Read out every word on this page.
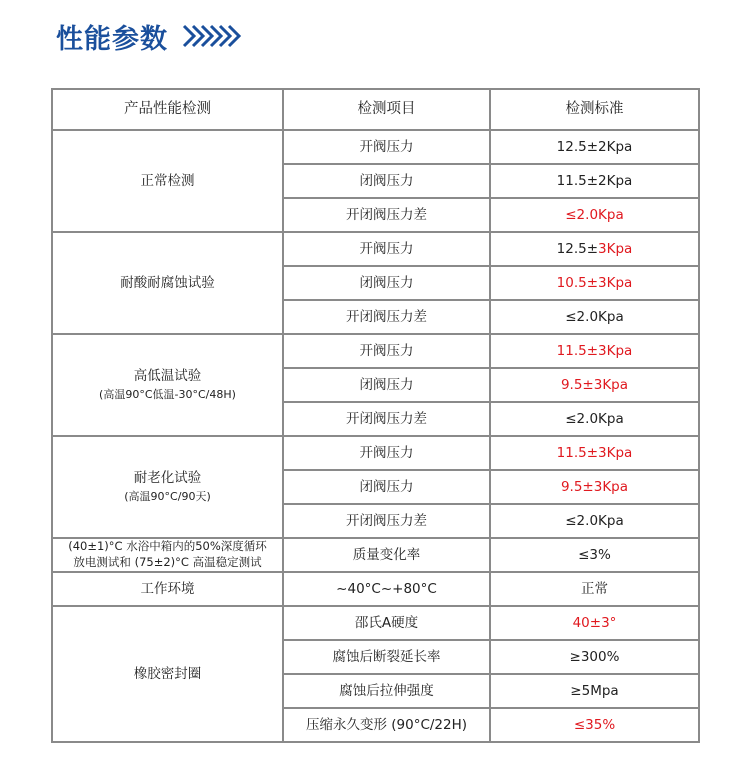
性能参数
产品性能检测	检测项目	检测标准
正常检测	开阀压力	12.5±2Kpa
	闭阀压力	11.5±2Kpa
	开闭阀压力差	≤2.0Kpa
耐酸耐腐蚀试验	开阀压力	12.5±3Kpa
	闭阀压力	10.5±3Kpa
	开闭阀压力差	≤2.0Kpa
高低温试验
(高温90°C低温-30°C/48H)	开阀压力	11.5±3Kpa
	闭阀压力	9.5±3Kpa
	开闭阀压力差	≤2.0Kpa
耐老化试验
(高温90°C/90天)	开阀压力	11.5±3Kpa
	闭阀压力	9.5±3Kpa
	开闭阀压力差	≤2.0Kpa
(40±1)°C 水浴中箱内的50%深度循环
放电测试和 (75±2)°C 高温稳定测试	质量变化率	≤3%
工作环境	~40°C~+80°C	正常
橡胶密封圈	邵氏A硬度	40±3°
	腐蚀后断裂延长率	≥300%
	腐蚀后拉伸强度	≥5Mpa
	压缩永久变形 (90°C/22H)	≤35%
